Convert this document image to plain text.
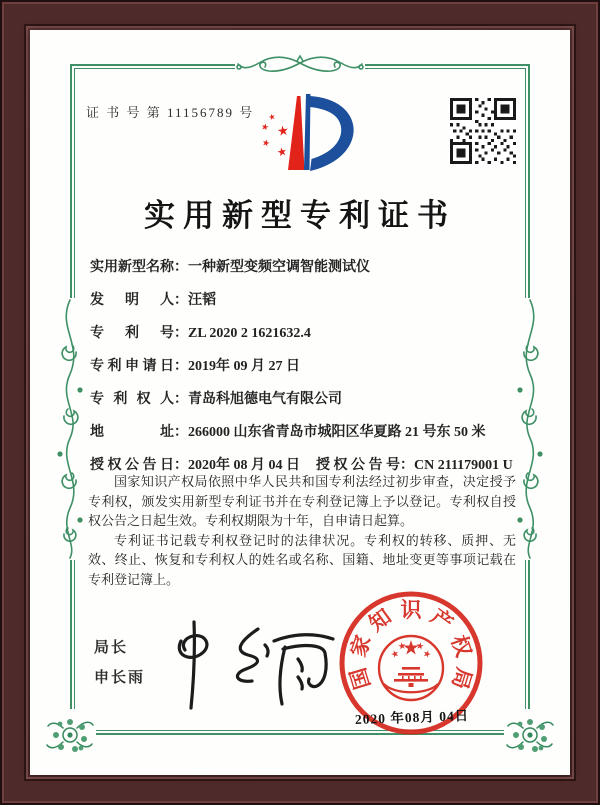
证 书 号 第 11156789 号
实用新型专利证书
实用新型名称 ： 一种新型变频空调智能测试仪
发明人 ： 汪韬
专利号 ： ZL 2020 2 1621632.4
专利申请日 ： 2019年 09 月 27 日
专利权人 ： 青岛科旭德电气有限公司
地址 ： 266000 山东省青岛市城阳区华夏路 21 号东 50 米
授权公告日 ： 2020年 08 月 04 日 授权公告号 ： CN 211179001 U

国家知识产权局依照中华人民共和国专利法经过初步审查，决定授予专利权，颁发实用新型专利证书并在专利登记簿上予以登记。专利权自授权公告之日起生效。专利权期限为十年，自申请日起算。

专利证书记载专利权登记时的法律状况。专利权的转移、质押、无效、终止、恢复和专利权人的姓名或名称、国籍、地址变更等事项记载在专利登记簿上。

局长
申长雨	国
家
知 识 产
权
局
2020 年08月 04日
